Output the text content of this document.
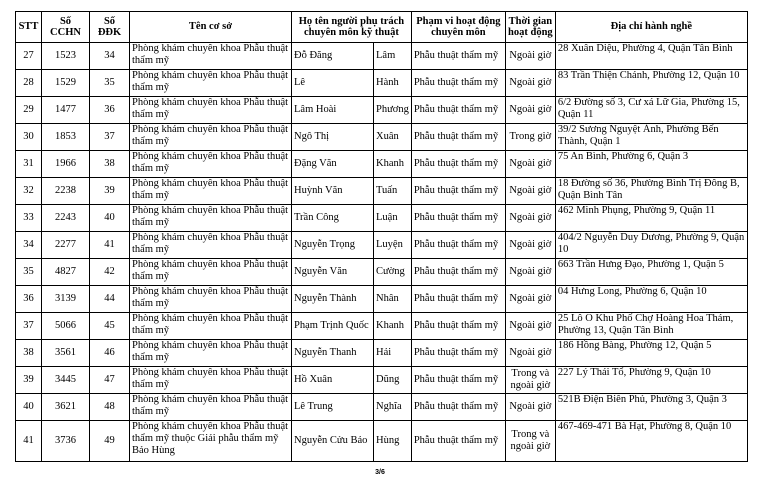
STT	Số CCHN	Số ĐĐK	Tên cơ sở	Họ tên người phụ trách chuyên môn kỹ thuật		Phạm vi hoạt động chuyên môn	Thời gian hoạt động	Địa chỉ hành nghề
27	1523	34	Phòng khám chuyên khoa Phẫu thuật thẩm mỹ	Đỗ Đăng	Lâm	Phẫu thuật thẩm mỹ	Ngoài giờ	28 Xuân Diệu, Phường 4, Quận Tân Bình
28	1529	35	Phòng khám chuyên khoa Phẫu thuật thẩm mỹ	Lê	Hành	Phẫu thuật thẩm mỹ	Ngoài giờ	83 Trần Thiện Chánh, Phường 12, Quận 10
29	1477	36	Phòng khám chuyên khoa Phẫu thuật thẩm mỹ	Lâm Hoài	Phương	Phẫu thuật thẩm mỹ	Ngoài giờ	6/2 Đường số 3, Cư xá Lữ Gia, Phường 15, Quận 11
30	1853	37	Phòng khám chuyên khoa Phẫu thuật thẩm mỹ	Ngô Thị	Xuân	Phẫu thuật thẩm mỹ	Trong giờ	39/2 Sương Nguyệt Ánh, Phường Bến Thành, Quận 1
31	1966	38	Phòng khám chuyên khoa Phẫu thuật thẩm mỹ	Đặng Văn	Khanh	Phẫu thuật thẩm mỹ	Ngoài giờ	75 An Bình, Phường 6, Quận 3
32	2238	39	Phòng khám chuyên khoa Phẫu thuật thẩm mỹ	Huỳnh Văn	Tuấn	Phẫu thuật thẩm mỹ	Ngoài giờ	18 Đường số 36, Phường Bình Trị Đông B, Quận Bình Tân
33	2243	40	Phòng khám chuyên khoa Phẫu thuật thẩm mỹ	Trần Công	Luận	Phẫu thuật thẩm mỹ	Ngoài giờ	462 Minh Phụng, Phường 9, Quận 11
34	2277	41	Phòng khám chuyên khoa Phẫu thuật thẩm mỹ	Nguyễn Trọng	Luyện	Phẫu thuật thẩm mỹ	Ngoài giờ	404/2 Nguyễn Duy Dương, Phường 9, Quận 10
35	4827	42	Phòng khám chuyên khoa Phẫu thuật thẩm mỹ	Nguyễn Văn	Cường	Phẫu thuật thẩm mỹ	Ngoài giờ	663 Trần Hưng Đạo, Phường 1, Quận 5
36	3139	44	Phòng khám chuyên khoa Phẫu thuật thẩm mỹ	Nguyễn Thành	Nhân	Phẫu thuật thẩm mỹ	Ngoài giờ	04 Hưng Long, Phường 6, Quận 10
37	5066	45	Phòng khám chuyên khoa Phẫu thuật thẩm mỹ	Phạm Trịnh Quốc	Khanh	Phẫu thuật thẩm mỹ	Ngoài giờ	25 Lô O Khu Phố Chợ Hoàng Hoa Thám, Phường 13, Quận Tân Bình
38	3561	46	Phòng khám chuyên khoa Phẫu thuật thẩm mỹ	Nguyễn Thanh	Hải	Phẫu thuật thẩm mỹ	Ngoài giờ	186 Hồng Bàng, Phường 12, Quận 5
39	3445	47	Phòng khám chuyên khoa Phẫu thuật thẩm mỹ	Hồ Xuân	Dũng	Phẫu thuật thẩm mỹ	Trong và ngoài giờ	227 Lý Thái Tổ, Phường 9, Quận 10
40	3621	48	Phòng khám chuyên khoa Phẫu thuật thẩm mỹ	Lê Trung	Nghĩa	Phẫu thuật thẩm mỹ	Ngoài giờ	521B Điện Biên Phủ, Phường 3, Quận 3
41	3736	49	Phòng khám chuyên khoa Phẫu thuật thẩm mỹ thuộc Giải phẫu thẩm mỹ Bảo Hùng	Nguyễn Cửu Bảo	Hùng	Phẫu thuật thẩm mỹ	Trong và ngoài giờ	467-469-471 Bà Hạt, Phường 8, Quận 10
3/6
